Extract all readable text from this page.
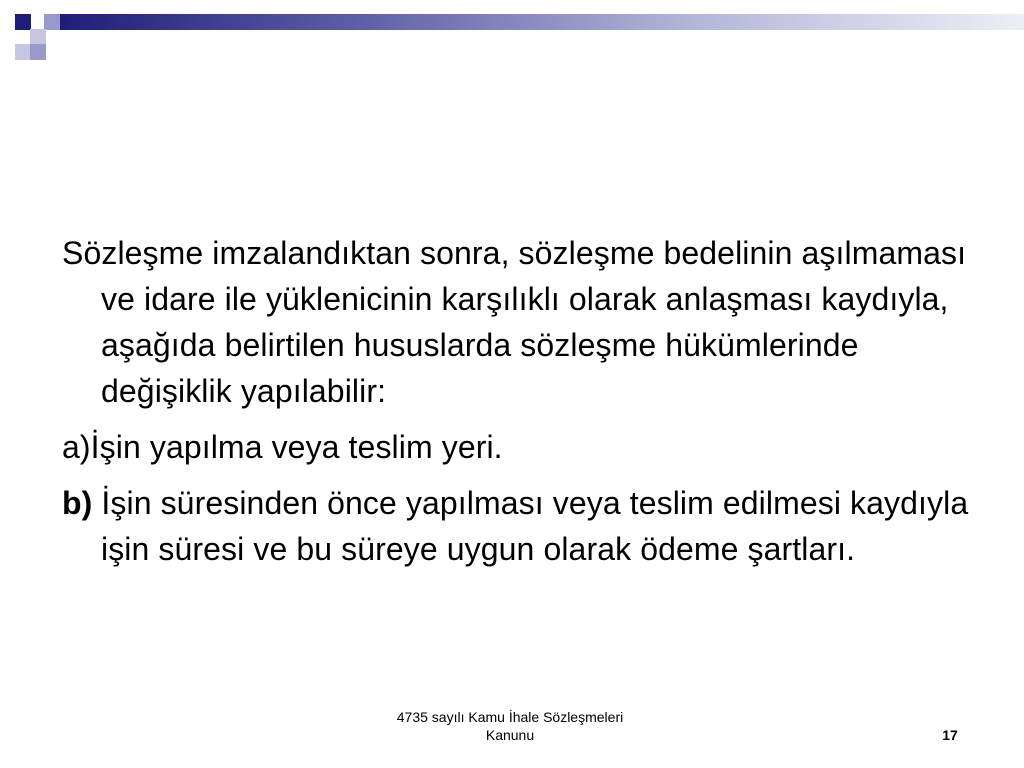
Sözleşme imzalandıktan sonra, sözleşme bedelinin aşılmaması ve idare ile yüklenicinin karşılıklı olarak anlaşması kaydıyla, aşağıda belirtilen hususlarda sözleşme hükümlerinde değişiklik yapılabilir:

a)İşin yapılma veya teslim yeri.

b) İşin süresinden önce yapılması veya teslim edilmesi kaydıyla işin süresi ve bu süreye uygun olarak ödeme şartları.

4735 sayılı Kamu İhale Sözleşmeleri
Kanunu	17
